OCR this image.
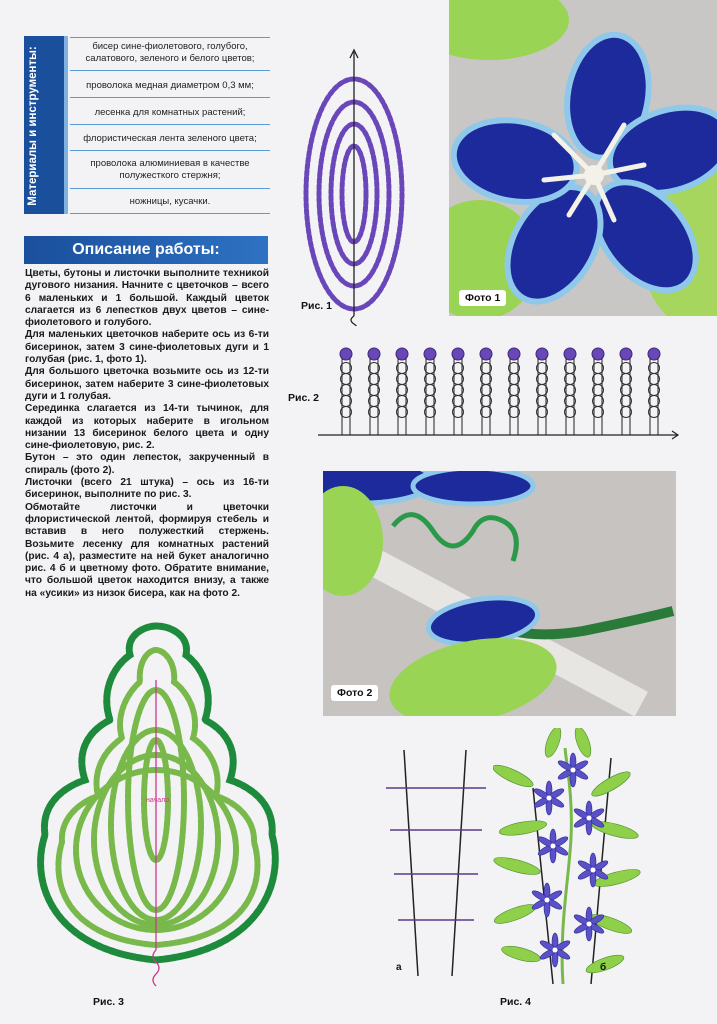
Материалы и инструменты:	бисер сине-фиолетового, голубого, салатового, зеленого и белого цветов;
проволока медная диаметром 0,3 мм;
лесенка для комнатных растений;
флористическая лента зеленого цвета;
проволока алюминиевая в качестве полужесткого стержня;
ножницы, кусачки.
Описание работы:

Цветы, бутоны и листочки выполните техникой дугового низания. Начните с цветочков – всего 6 маленьких и 1 большой. Каждый цветок слагается из 6 лепестков двух цветов – сине-фиолетового и голубого.

Для маленьких цветочков наберите ось из 6-ти бисеринок, затем 3 сине-фиолетовых дуги и 1 голубая (рис. 1, фото 1).

Для большого цветочка возьмите ось из 12-ти бисеринок, затем наберите 3 сине-фиолетовых дуги и 1 голубая.

Серединка слагается из 14-ти тычинок, для каждой из которых наберите в игольном низании 13 бисеринок белого цвета и одну сине-фиолетовую, рис. 2.

Бутон – это один лепесток, закрученный в спираль (фото 2).

Листочки (всего 21 штука) – ось из 16-ти бисеринок, выполните по рис. 3.

Обмотайте листочки и цветочки флористической лентой, формируя стебель и вставив в него полужесткий стержень. Возьмите лесенку для комнатных растений (рис. 4 а), разместите на ней букет аналогично рис. 4 б и цветному фото. Обратите внимание, что большой цветок находится внизу, а также на «усики» из низок бисера, как на фото 2.

Рис. 1
Фото 1
Рис. 2
Фото 2
начало
Рис. 3
а
Рис. 4
б
